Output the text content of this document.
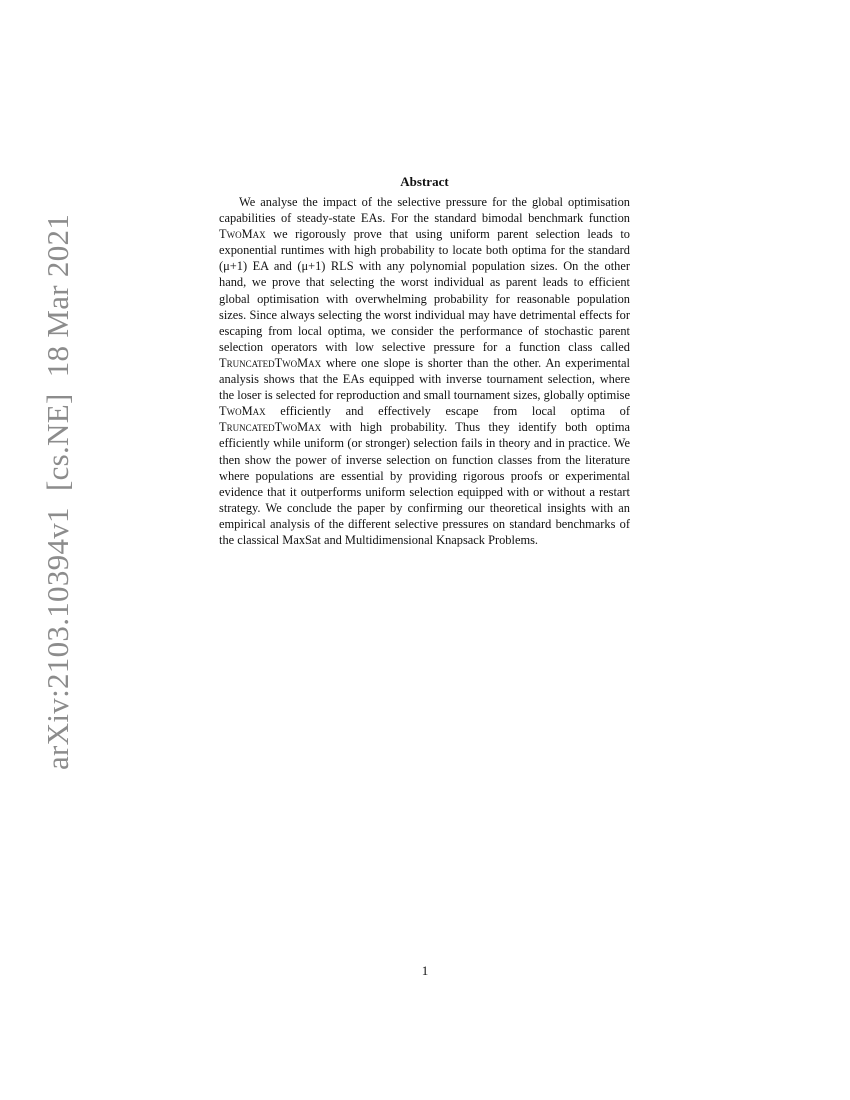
arXiv:2103.10394v1  [cs.NE]  18 Mar 2021
Abstract

We analyse the impact of the selective pressure for the global optimisation capabilities of steady-state EAs. For the standard bimodal benchmark function TwoMax we rigorously prove that using uniform parent selection leads to exponential runtimes with high probability to locate both optima for the standard (μ+1) EA and (μ+1) RLS with any polynomial population sizes. On the other hand, we prove that selecting the worst individual as parent leads to efficient global optimisation with overwhelming probability for reasonable population sizes. Since always selecting the worst individual may have detrimental effects for escaping from local optima, we consider the performance of stochastic parent selection operators with low selective pressure for a function class called TruncatedTwoMax where one slope is shorter than the other. An experimental analysis shows that the EAs equipped with inverse tournament selection, where the loser is selected for reproduction and small tournament sizes, globally optimise TwoMax efficiently and effectively escape from local optima of TruncatedTwoMax with high probability. Thus they identify both optima efficiently while uniform (or stronger) selection fails in theory and in practice. We then show the power of inverse selection on function classes from the literature where populations are essential by providing rigorous proofs or experimental evidence that it outperforms uniform selection equipped with or without a restart strategy. We conclude the paper by confirming our theoretical insights with an empirical analysis of the different selective pressures on standard benchmarks of the classical MaxSat and Multidimensional Knapsack Problems.

1
